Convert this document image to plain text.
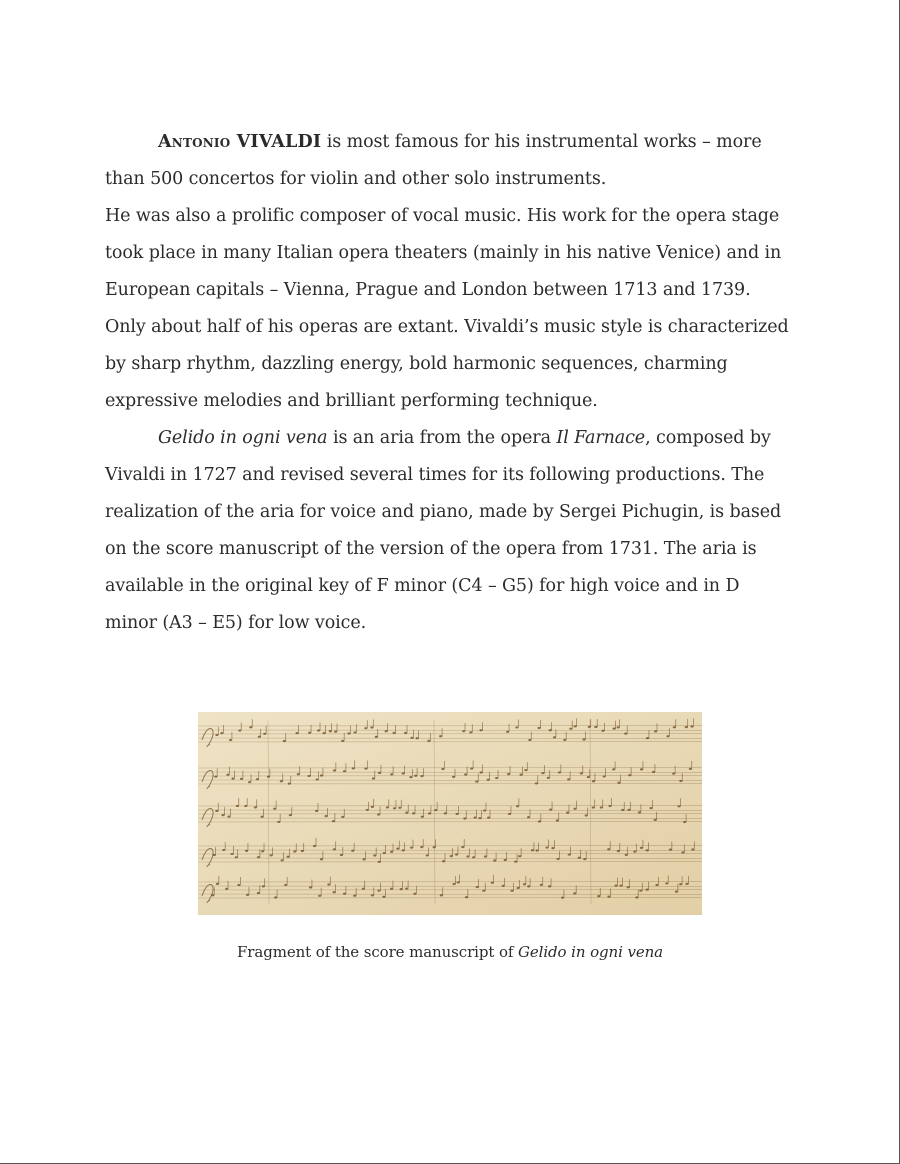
Antonio VIVALDI is most famous for his instrumental works – more than 500 concertos for violin and other solo instruments.

He was also a prolific composer of vocal music. His work for the opera stage took place in many Italian opera theaters (mainly in his native Venice) and in European capitals – Vienna, Prague and London between 1713 and 1739. Only about half of his operas are extant. Vivaldi’s music style is characterized by sharp rhythm, dazzling energy, bold harmonic sequences, charming expressive melodies and brilliant performing technique.

Gelido in ogni vena is an aria from the opera Il Farnace, composed by Vivaldi in 1727 and revised several times for its following productions. The realization of the aria for voice and piano, made by Sergei Pichugin, is based on the score manuscript of the version of the opera from 1731. The aria is available in the original key of F minor (C4 – G5) for high voice and in D minor (A3 – E5) for low voice.

Fragment of the score manuscript of Gelido in ogni vena
